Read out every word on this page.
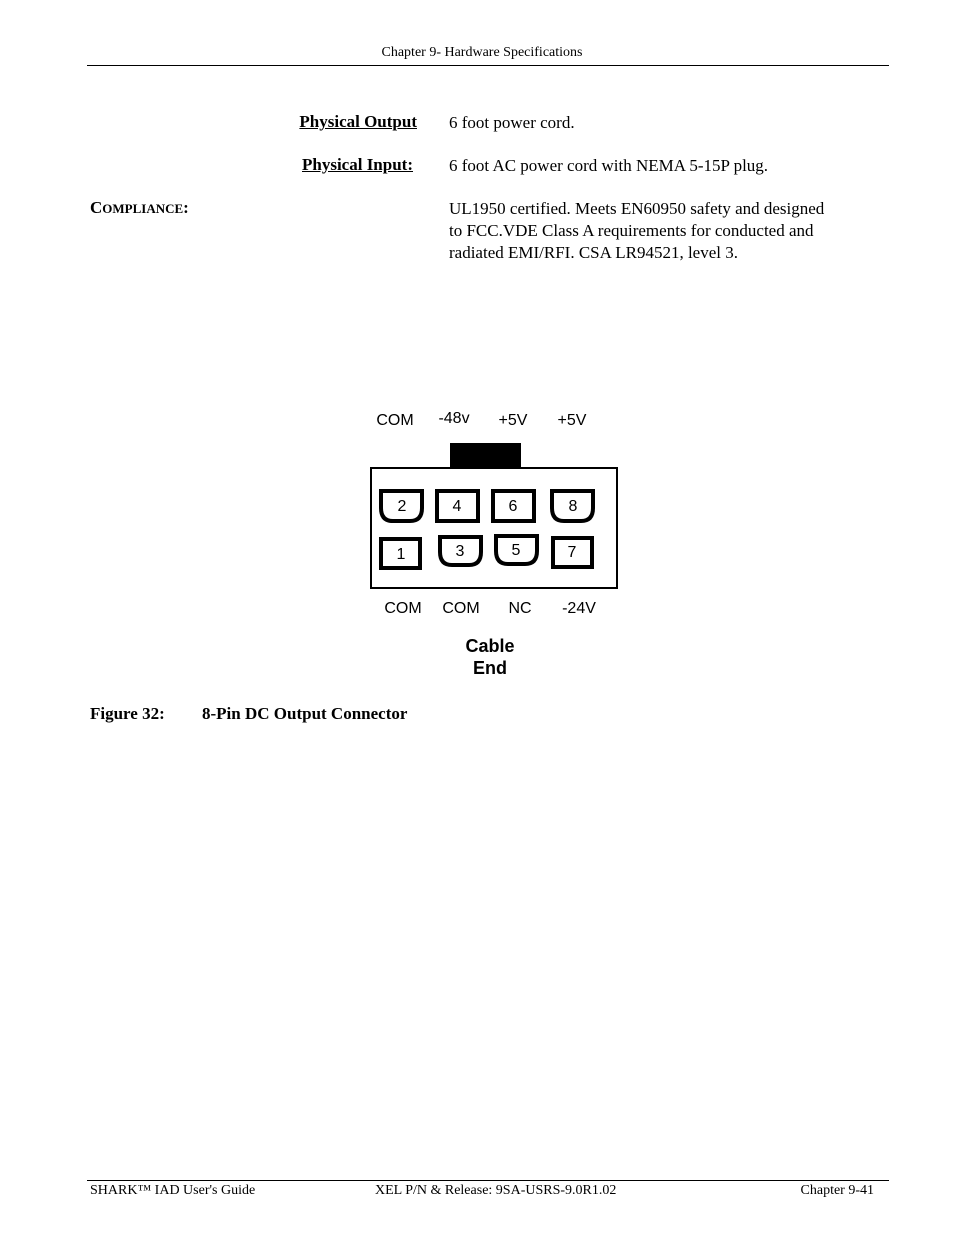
Chapter 9- Hardware Specifications
Physical Output 6 foot power cord.
Physical Input: 6 foot AC power cord with NEMA 5-15P plug.
COMPLIANCE:	UL1950 certified. Meets EN60950 safety and designed
to FCC.VDE Class A requirements for conducted and
radiated EMI/RFI. CSA LR94521, level 3.
COM -48v +5V +5V
2	4	6	8
1	3	5	7
COM COM NC -24V
Cable
End
Figure 32: 8-Pin DC Output Connector
SHARK™ IAD User's Guide	XEL P/N & Release: 9SA-USRS-9.0R1.02	Chapter 9-41
